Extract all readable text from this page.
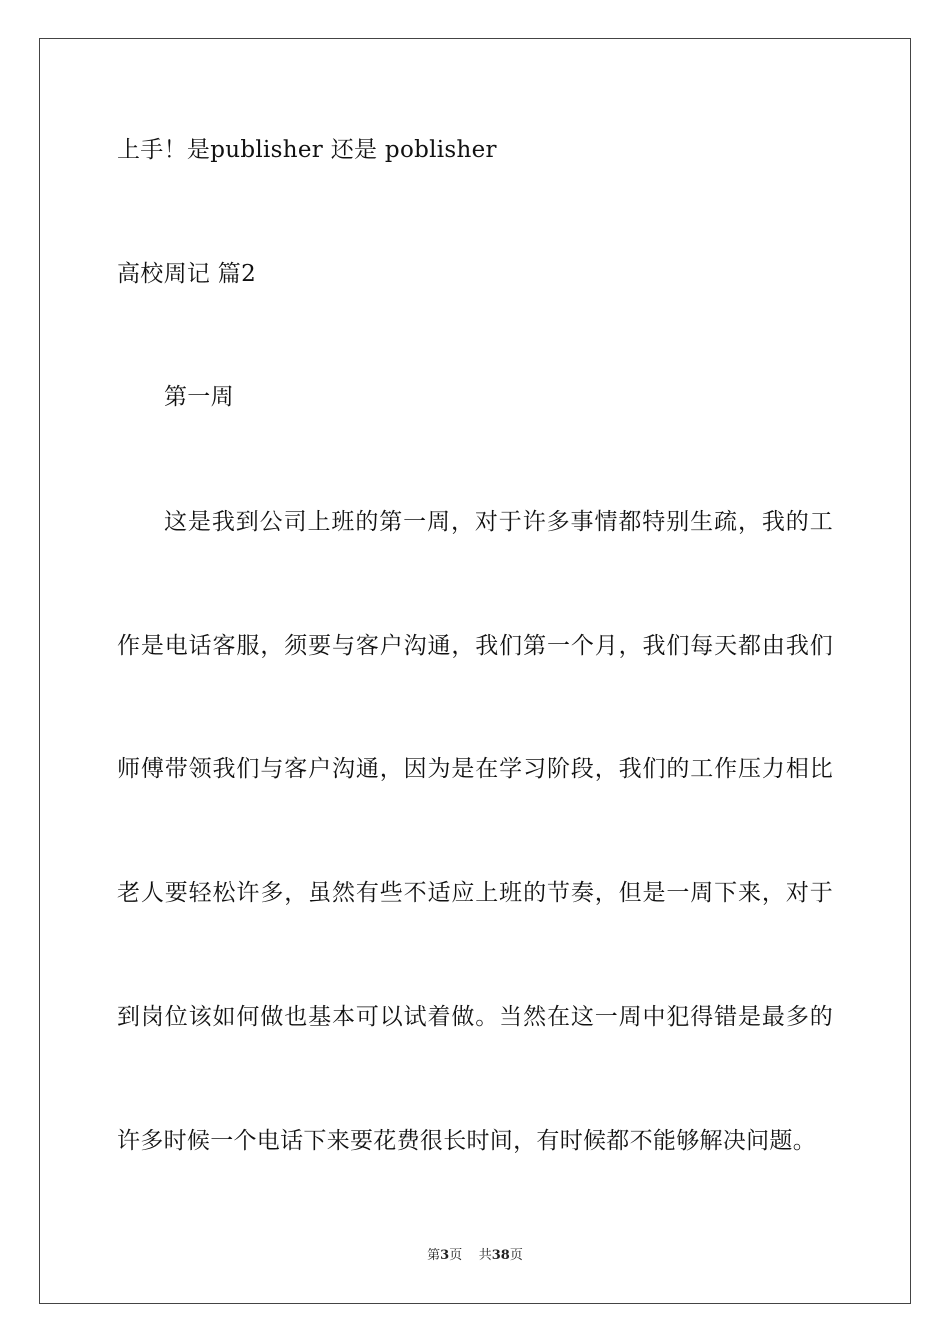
上手！是publisher 还是 poblisher
高校周记 篇2
第一周
这是我到公司上班的第一周，对于许多事情都特别生疏，我的工
作是电话客服，须要与客户沟通，我们第一个月，我们每天都由我们
师傅带领我们与客户沟通，因为是在学习阶段，我们的工作压力相比
老人要轻松许多，虽然有些不适应上班的节奏，但是一周下来，对于
到岗位该如何做也基本可以试着做。当然在这一周中犯得错是最多的
许多时候一个电话下来要花费很长时间，有时候都不能够解决问题。
第3页 共38页
